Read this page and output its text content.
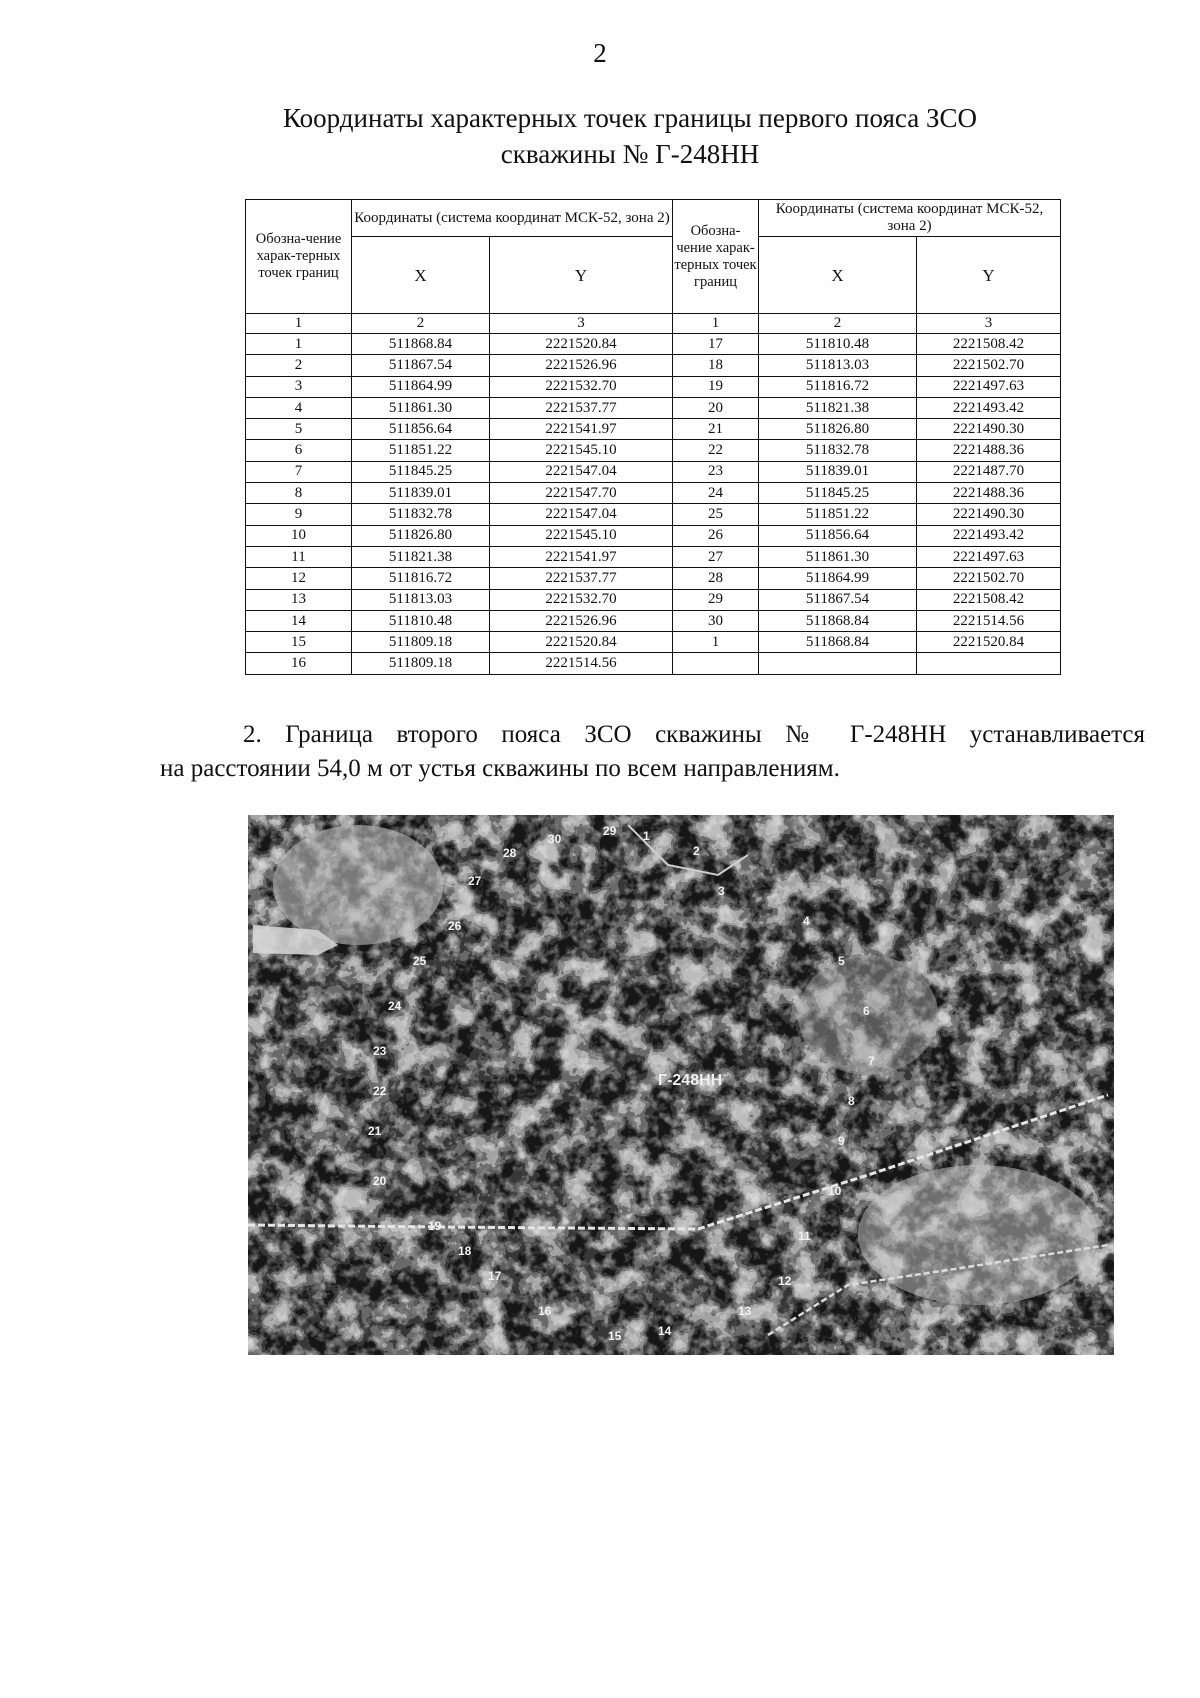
2
Координаты характерных точек границы первого пояса ЗСО
скважины № Г-248НН
Обозна-чение харак-терных точек границ	Координаты (система координат МСК-52, зона 2)		Обозна-чение харак-терных точек границ	Координаты (система координат МСК-52, зона 2)	
	X	Y		X	Y
1	2	3	1	2	3
1	511868.84	2221520.84	17	511810.48	2221508.42
2	511867.54	2221526.96	18	511813.03	2221502.70
3	511864.99	2221532.70	19	511816.72	2221497.63
4	511861.30	2221537.77	20	511821.38	2221493.42
5	511856.64	2221541.97	21	511826.80	2221490.30
6	511851.22	2221545.10	22	511832.78	2221488.36
7	511845.25	2221547.04	23	511839.01	2221487.70
8	511839.01	2221547.70	24	511845.25	2221488.36
9	511832.78	2221547.04	25	511851.22	2221490.30
10	511826.80	2221545.10	26	511856.64	2221493.42
11	511821.38	2221541.97	27	511861.30	2221497.63
12	511816.72	2221537.77	28	511864.99	2221502.70
13	511813.03	2221532.70	29	511867.54	2221508.42
14	511810.48	2221526.96	30	511868.84	2221514.56
15	511809.18	2221520.84	1	511868.84	2221520.84
16	511809.18	2221514.56			
2. Граница второго пояса ЗСО скважины № Г-248НН устанавливается
на расстоянии 54,0 м от устья скважины по всем направлениям.
Г-248НН
30
29 1
2
3
4
5
6
7
8
9
10
11
12
13
14
15
16
17
18
19
20
21
22
23
24
25
26
27
28
